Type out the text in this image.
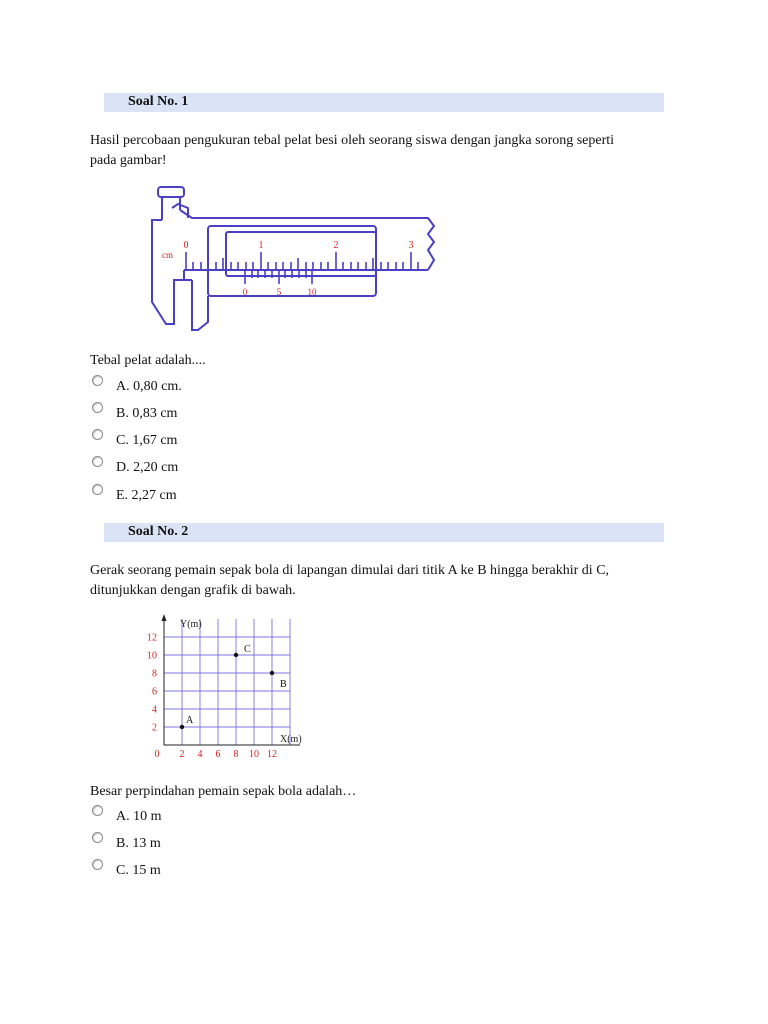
Soal No. 1
Hasil percobaan pengukuran tebal pelat besi oleh seorang siswa dengan jangka sorong seperti
pada gambar!
cm
0	1	2	3
0	5	10
Tebal pelat adalah....
A. 0,80 cm.
B. 0,83 cm
C. 1,67 cm
D. 2,20 cm
E. 2,27 cm
Soal No. 2
Gerak seorang pemain sepak bola di lapangan dimulai dari titik A ke B hingga berakhir di C,
ditunjukkan dengan grafik di bawah.
Y(m)
X(m)
0
12
10
8
6
4
2
2 4 6 8 10 12
A
B
C
Besar perpindahan pemain sepak bola adalah…
A. 10 m
B. 13 m
C. 15 m
